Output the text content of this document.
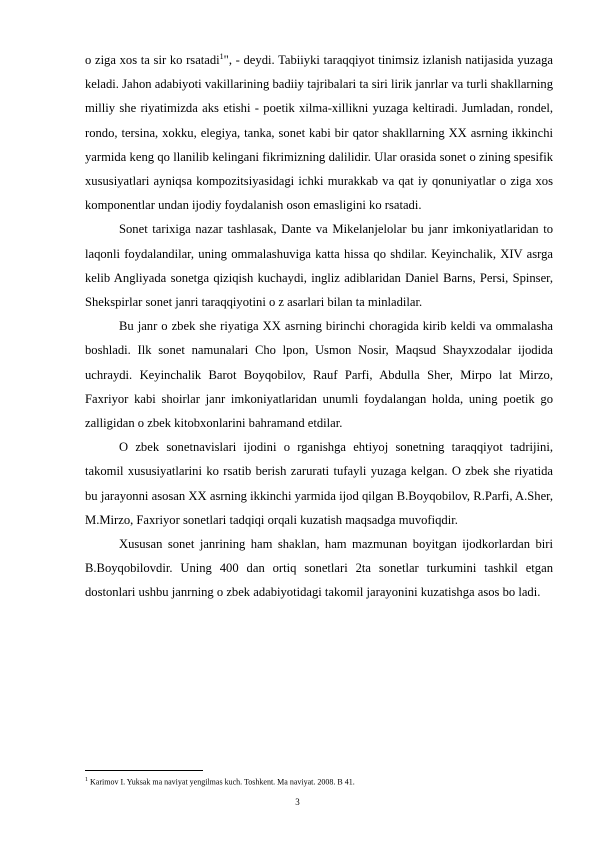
o ziga xos ta sir ko rsatadi$^1$", - deydi. Tabiiyki taraqqiyot tinimsiz izlanish natijasida yuzaga keladi. Jahon adabiyoti vakillarining badiiy tajribalari ta siri lirik janrlar va turli shakllarning milliy she riyatimizda aks etishi - poetik xilma-xillikni yuzaga keltiradi. Jumladan, rondel, rondo, tersina, xokku, elegiya, tanka, sonet kabi bir qator shakllarning XX asrning ikkinchi yarmida keng qo llanilib kelingani fikrimizning dalilidir. Ular orasida sonet o zining spesifik xususiyatlari ayniqsa kompozitsiyasidagi ichki murakkab va qat iy qonuniyatlar o ziga xos komponentlar undan ijodiy foydalanish oson emasligini ko rsatadi.

Sonet tarixiga nazar tashlasak, Dante va Mikelanjelolar bu janr imkoniyatlaridan to laqonli foydalandilar, uning ommalashuviga katta hissa qo shdilar. Keyinchalik, XIV asrga kelib Angliyada sonetga qiziqish kuchaydi, ingliz adiblaridan Daniel Barns, Persi, Spinser, Shekspirlar sonet janri taraqqiyotini o z asarlari bilan ta minladilar.

Bu janr o zbek she riyatiga XX asrning birinchi choragida kirib keldi va ommalasha boshladi. Ilk sonet namunalari Cho lpon, Usmon Nosir, Maqsud Shayxzodalar ijodida uchraydi. Keyinchalik Barot Boyqobilov, Rauf Parfi, Abdulla Sher, Mirpo lat Mirzo, Faxriyor kabi shoirlar janr imkoniyatlaridan unumli foydalangan holda, uning poetik go zalligidan o zbek kitobxonlarini bahramand etdilar.

O zbek sonetnavislari ijodini o rganishga ehtiyoj sonetning taraqqiyot tadrijini, takomil xususiyatlarini ko rsatib berish zarurati tufayli yuzaga kelgan. O zbek she riyatida bu jarayonni asosan XX asrning ikkinchi yarmida ijod qilgan B.Boyqobilov, R.Parfi, A.Sher, M.Mirzo, Faxriyor sonetlari tadqiqi orqali kuzatish maqsadga muvofiqdir.

Xususan sonet janrining ham shaklan, ham mazmunan boyitgan ijodkorlardan biri B.Boyqobilovdir. Uning 400 dan ortiq sonetlari 2ta sonetlar turkumini tashkil etgan dostonlari ushbu janrning o zbek adabiyotidagi takomil jarayonini kuzatishga asos bo ladi.

$^1$ Karimov I. Yuksak ma naviyat yengilmas kuch. Toshkent. Ma naviyat. 2008. B 41.
3
